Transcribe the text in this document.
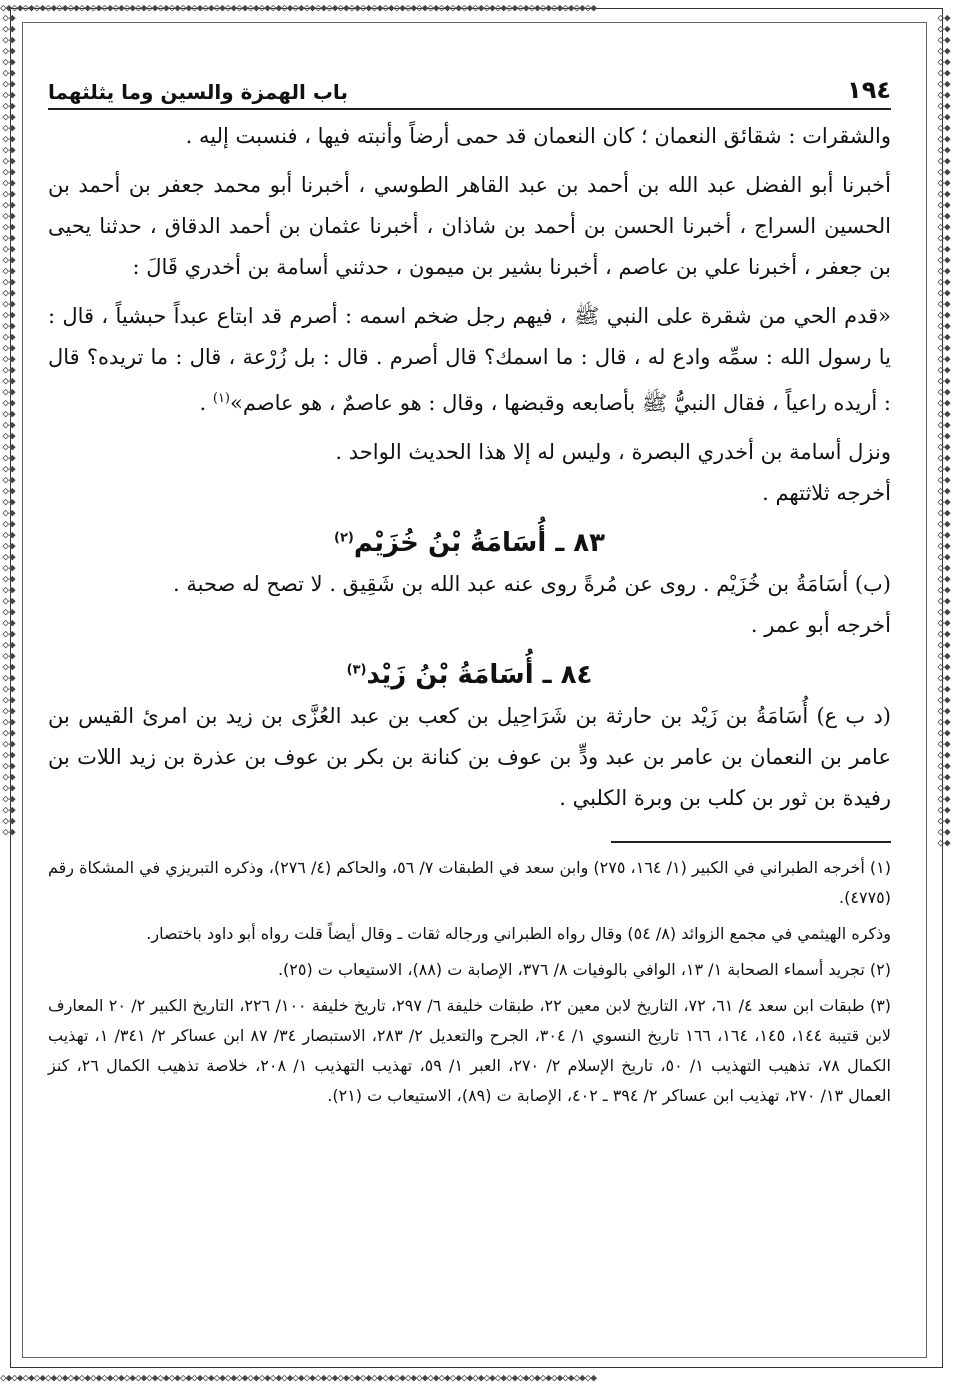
◇◆◇◆◇◆◇◆◇◆◇◆◇◆◇◆◇◆◇◆◇◆◇◆◇◆◇◆◇◆◇◆◇◆◇◆◇◆◇◆◇◆◇◆◇◆◇◆◇◆◇◆◇◆◇◆◇◆◇◆◇◆◇◆◇◆◇◆◇◆◇◆◇◆◇◆◇◆◇◆◇◆◇◆◇◆◇◆◇◆◇◆◇◆◇◆◇◆◇◆◇◆◇◆◇◆
◇◆◇◆◇◆◇◆◇◆◇◆◇◆◇◆◇◆◇◆◇◆◇◆◇◆◇◆◇◆◇◆◇◆◇◆◇◆◇◆◇◆◇◆◇◆◇◆◇◆◇◆◇◆◇◆◇◆◇◆◇◆◇◆◇◆◇◆◇◆◇◆◇◆◇◆◇◆◇◆◇◆◇◆◇◆◇◆◇◆◇◆◇◆◇◆◇◆◇◆◇◆◇◆◇◆
◇◆◇◆◇◆◇◆◇◆◇◆◇◆◇◆◇◆◇◆◇◆◇◆◇◆◇◆◇◆◇◆◇◆◇◆◇◆◇◆◇◆◇◆◇◆◇◆◇◆◇◆◇◆◇◆◇◆◇◆◇◆◇◆◇◆◇◆◇◆◇◆◇◆◇◆◇◆◇◆◇◆◇◆◇◆◇◆◇◆◇◆◇◆◇◆◇◆◇◆◇◆◇◆◇◆◇◆◇◆◇◆◇◆◇◆◇◆◇◆◇◆◇◆◇◆◇◆◇◆◇◆◇◆◇◆◇◆◇◆◇◆◇◆◇◆◇◆◇◆
◇◆◇◆◇◆◇◆◇◆◇◆◇◆◇◆◇◆◇◆◇◆◇◆◇◆◇◆◇◆◇◆◇◆◇◆◇◆◇◆◇◆◇◆◇◆◇◆◇◆◇◆◇◆◇◆◇◆◇◆◇◆◇◆◇◆◇◆◇◆◇◆◇◆◇◆◇◆◇◆◇◆◇◆◇◆◇◆◇◆◇◆◇◆◇◆◇◆◇◆◇◆◇◆◇◆◇◆◇◆◇◆◇◆◇◆◇◆◇◆◇◆◇◆◇◆◇◆◇◆◇◆◇◆◇◆◇◆◇◆◇◆◇◆◇◆◇◆◇◆◇◆
١٩٤
باب الهمزة والسين وما يثلثهما

والشقرات : شقائق النعمان ؛ كان النعمان قد حمى أرضاً وأنبته فيها ، فنسبت إليه .

أخبرنا أبو الفضل عبد الله بن أحمد بن عبد القاهر الطوسي ، أخبرنا أبو محمد جعفر بن أحمد بن الحسين السراج ، أخبرنا الحسن بن أحمد بن شاذان ، أخبرنا عثمان بن أحمد الدقاق ، حدثنا يحيى بن جعفر ، أخبرنا علي بن عاصم ، أخبرنا بشير بن ميمون ، حدثني أسامة بن أخدري قَالَ :

«قدم الحي من شقرة على النبي ﷺ ، فيهم رجل ضخم اسمه : أصرم قد ابتاع عبداً حبشياً ، قال : يا رسول الله : سمِّه وادع له ، قال : ما اسمك؟ قال أصرم . قال : بل زُرْعة ، قال : ما تريده؟ قال : أريده راعياً ، فقال النبيُّ ﷺ بأصابعه وقبضها ، وقال : هو عاصمٌ ، هو عاصم»$^{(١)}$ .

ونزل أسامة بن أخدري البصرة ، وليس له إلا هذا الحديث الواحد .

أخرجه ثلاثتهم .

٨٣ ـ أُسَامَةُ بْنُ خُزَيْم$^{(٢)}$

(ب) أسَامَةُ بن خُزَيْم . روى عن مُرةً روى عنه عبد الله بن شَقِيق . لا تصح له صحبة .

أخرجه أبو عمر .

٨٤ ـ أُسَامَةُ بْنُ زَيْد$^{(٣)}$

(د ب ع) أُسَامَةُ بن زَيْد بن حارثة بن شَرَاحِيل بن كعب بن عبد العُزَّى بن زيد بن امرئ القيس بن عامر بن النعمان بن عامر بن عبد ودٍّ بن عوف بن كنانة بن بكر بن عوف بن عذرة بن زيد اللات بن رفيدة بن ثور بن كلب بن وبرة الكلبي .

(١) أخرجه الطبراني في الكبير (١/ ١٦٤، ٢٧٥) وابن سعد في الطبقات ٧/ ٥٦، والحاكم (٤/ ٢٧٦)، وذكره التبريزي في المشكاة رقم (٤٧٧٥).

وذكره الهيثمي في مجمع الزوائد (٨/ ٥٤) وقال رواه الطبراني ورجاله ثقات ـ وقال أيضاً قلت رواه أبو داود باختصار.

(٢) تجريد أسماء الصحابة ١/ ١٣، الوافي بالوفيات ٨/ ٣٧٦، الإصابة ت (٨٨)، الاستيعاب ت (٢٥).

(٣) طبقات ابن سعد ٤/ ٦١، ٧٢، التاريخ لابن معين ٢٢، طبقات خليفة ٦/ ٢٩٧، تاريخ خليفة ١٠٠/ ٢٢٦، التاريخ الكبير ٢/ ٢٠ المعارف لابن قتيبة ١٤٤، ١٤٥، ١٦٤، ١٦٦ تاريخ النسوي ١/ ٣٠٤، الجرح والتعديل ٢/ ٢٨٣، الاستبصار ٣٤/ ٨٧ ابن عساكر ٢/ ٣٤١/ ١، تهذيب الكمال ٧٨، تذهيب التهذيب ١/ ٥٠، تاريخ الإسلام ٢/ ٢٧٠، العبر ١/ ٥٩، تهذيب التهذيب ١/ ٢٠٨، خلاصة تذهيب الكمال ٢٦، كنز العمال ١٣/ ٢٧٠، تهذيب ابن عساكر ٢/ ٣٩٤ ـ ٤٠٢، الإصابة ت (٨٩)، الاستيعاب ت (٢١).
